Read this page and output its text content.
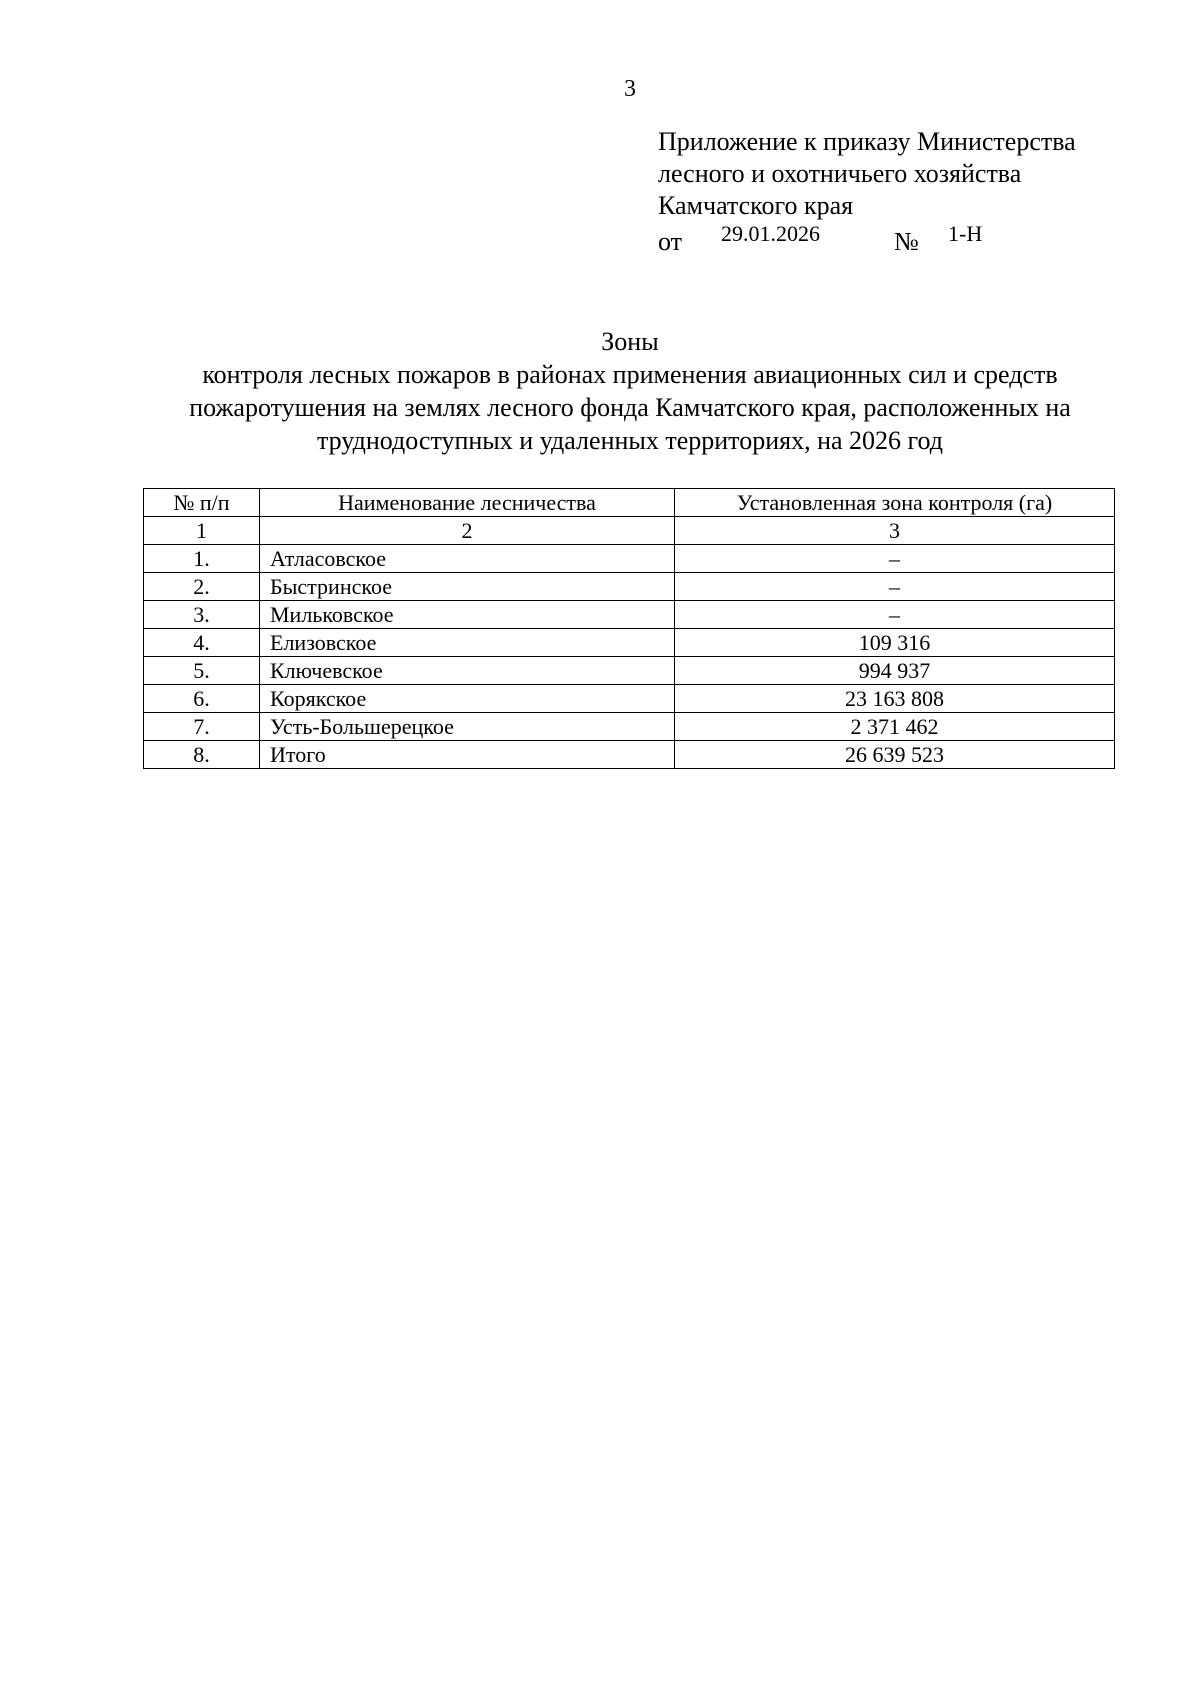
3
Приложение к приказу Министерства
лесного и охотничьего хозяйства
Камчатского края
от 29.01.2026	№ 1-Н
Зоны
контроля лесных пожаров в районах применения авиационных сил и средств
пожаротушения на землях лесного фонда Камчатского края, расположенных на
труднодоступных и удаленных территориях, на 2026 год
№ п/п	Наименование лесничества	Установленная зона контроля (га)
1	2	3
1.	Атласовское	–
2.	Быстринское	–
3.	Мильковское	–
4.	Елизовское	109 316
5.	Ключевское	994 937
6.	Корякское	23 163 808
7.	Усть-Большерецкое	2 371 462
8.	Итого	26 639 523
